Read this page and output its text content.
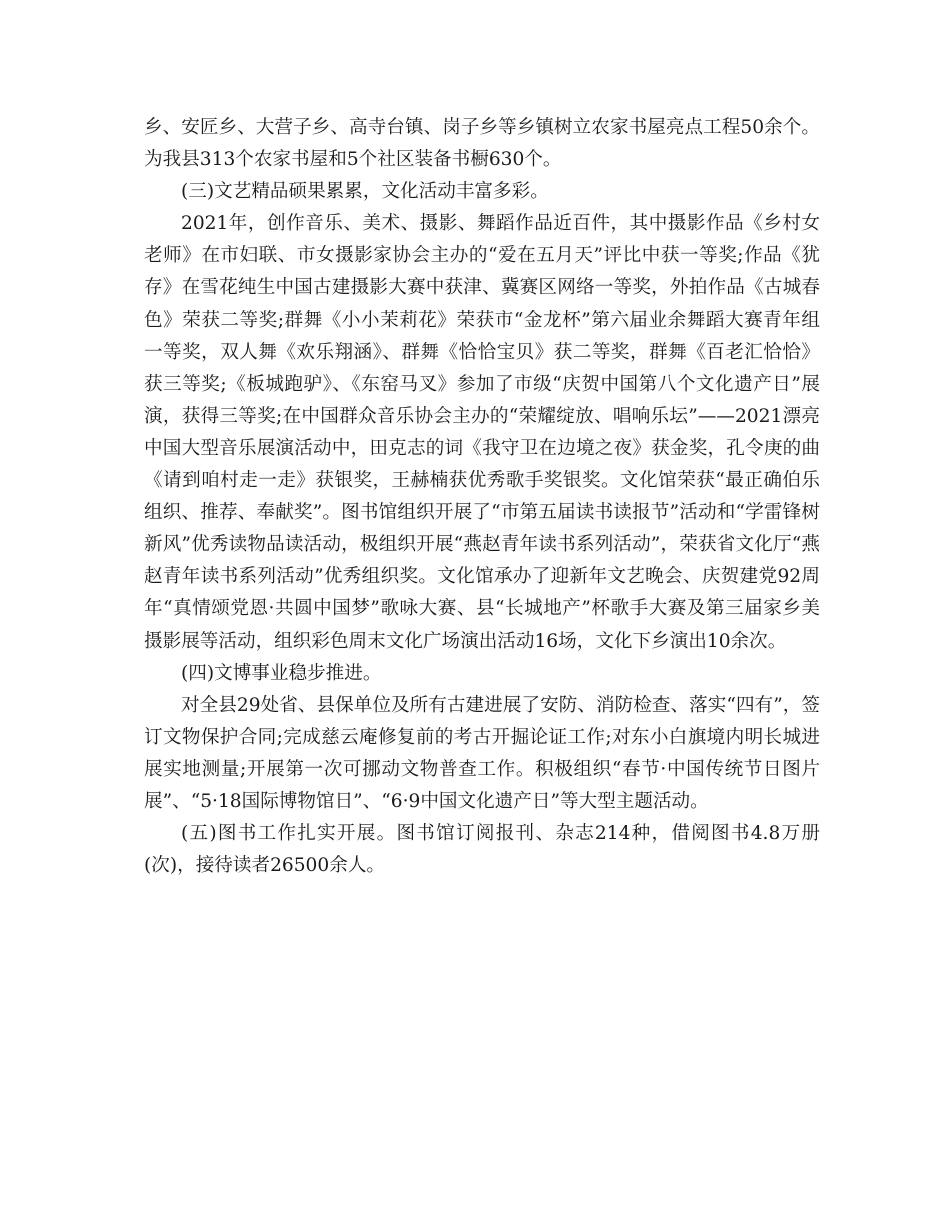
乡、安匠乡、大营子乡、高寺台镇、岗子乡等乡镇树立农家书屋亮点工程50余个。为我县313个农家书屋和5个社区装备书橱630个。

(三)文艺精品硕果累累，文化活动丰富多彩。

2021年，创作音乐、美术、摄影、舞蹈作品近百件，其中摄影作品《乡村女老师》在市妇联、市女摄影家协会主办的“爱在五月天”评比中获一等奖;作品《犹存》在雪花纯生中国古建摄影大赛中获津、冀赛区网络一等奖，外拍作品《古城春色》荣获二等奖;群舞《小小茉莉花》荣获市“金龙杯”第六届业余舞蹈大赛青年组一等奖，双人舞《欢乐翔涵》、群舞《恰恰宝贝》获二等奖，群舞《百老汇恰恰》获三等奖;《板城跑驴》、《东窑马叉》参加了市级“庆贺中国第八个文化遗产日”展演，获得三等奖;在中国群众音乐协会主办的“荣耀绽放、唱响乐坛”——2021漂亮中国大型音乐展演活动中，田克志的词《我守卫在边境之夜》获金奖，孔令庚的曲《请到咱村走一走》获银奖，王赫楠获优秀歌手奖银奖。文化馆荣获“最正确伯乐组织、推荐、奉献奖”。图书馆组织开展了“市第五届读书读报节”活动和“学雷锋树新风”优秀读物品读活动，极组织开展“燕赵青年读书系列活动”，荣获省文化厅“燕赵青年读书系列活动”优秀组织奖。文化馆承办了迎新年文艺晚会、庆贺建党92周年“真情颂党恩·共圆中国梦”歌咏大赛、县“长城地产”杯歌手大赛及第三届家乡美摄影展等活动，组织彩色周末文化广场演出活动16场，文化下乡演出10余次。

(四)文博事业稳步推进。

对全县29处省、县保单位及所有古建进展了安防、消防检查、落实“四有”，签订文物保护合同;完成慈云庵修复前的考古开掘论证工作;对东小白旗境内明长城进展实地测量;开展第一次可挪动文物普查工作。积极组织“春节·中国传统节日图片展”、“5·18国际博物馆日”、“6·9中国文化遗产日”等大型主题活动。

(五)图书工作扎实开展。图书馆订阅报刊、杂志214种，借阅图书4.8万册(次)，接待读者26500余人。
